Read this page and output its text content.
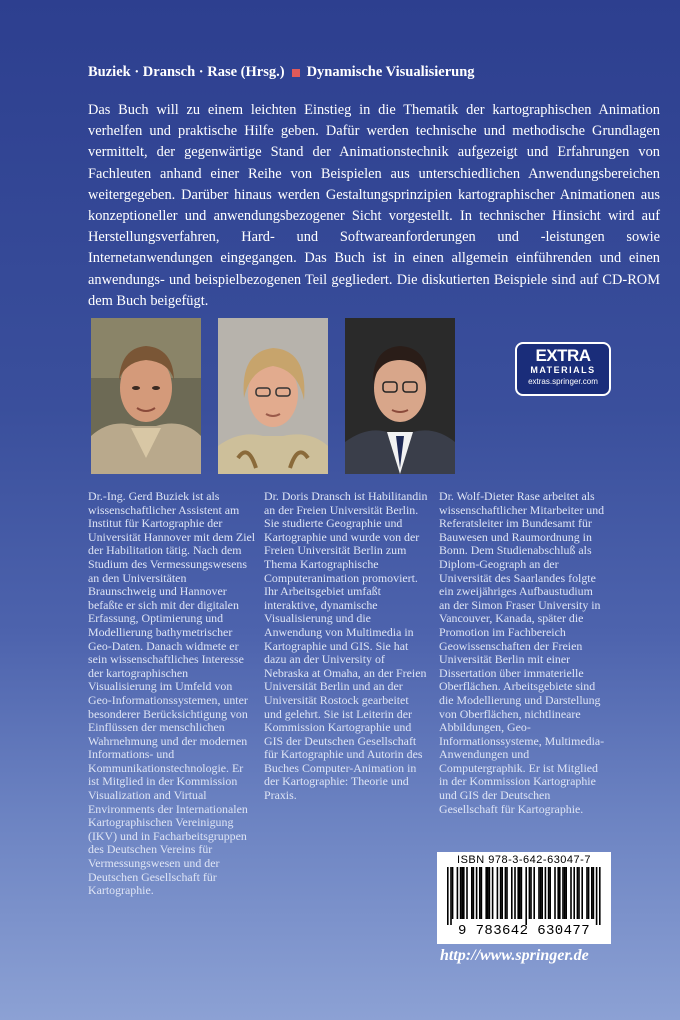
Buziek · Dransch · Rase (Hrsg.) Dynamische Visualisierung
Das Buch will zu einem leichten Einstieg in die Thematik der kartographischen Animation verhelfen und praktische Hilfe geben. Dafür werden technische und methodische Grundlagen vermittelt, der gegenwärtige Stand der Animationstechnik aufgezeigt und Erfahrungen von Fachleuten anhand einer Reihe von Beispielen aus unterschiedlichen Anwendungsbereichen weitergegeben. Darüber hinaus werden Gestaltungsprinzipien kartographischer Animationen aus konzeptioneller und anwendungsbezogener Sicht vorgestellt. In technischer Hinsicht wird auf Herstellungsverfahren, Hard- und Softwareanforderungen und -leistungen sowie Internetanwendungen eingegangen. Das Buch ist in einen allgemein einführenden und einen anwendungs- und beispielbezogenen Teil gegliedert. Die diskutierten Beispiele sind auf CD-ROM dem Buch beigefügt.
EXTRA
MATERIALS
extras.springer.com
Dr.-Ing. Gerd Buziek ist als wissenschaftlicher Assistent am Institut für Kartographie der Universität Hannover mit dem Ziel der Habilitation tätig. Nach dem Studium des Vermessungswesens an den Universitäten Braunschweig und Hannover befaßte er sich mit der digitalen Erfassung, Optimierung und Modellierung bathymetrischer Geo-Daten. Danach widmete er sein wissenschaftliches Interesse der kartographischen Visualisierung im Umfeld von Geo-Informationssystemen, unter besonderer Berücksichtigung von Einflüssen der menschlichen Wahrnehmung und der modernen Informations- und Kommunikationstechnologie. Er ist Mitglied in der Kommission Visualization and Virtual Environments der Internationalen Kartographischen Vereinigung (IKV) und in Facharbeitsgruppen des Deutschen Vereins für Vermessungswesen und der Deutschen Gesellschaft für Kartographie.
Dr. Doris Dransch ist Habilitandin an der Freien Universität Berlin. Sie studierte Geographie und Kartographie und wurde von der Freien Universität Berlin zum Thema Kartographische Computeranimation promoviert. Ihr Arbeitsgebiet umfaßt interaktive, dynamische Visualisierung und die Anwendung von Multimedia in Kartographie und GIS. Sie hat dazu an der University of Nebraska at Omaha, an der Freien Universität Berlin und an der Universität Rostock gearbeitet und gelehrt. Sie ist Leiterin der Kommission Kartographie und GIS der Deutschen Gesellschaft für Kartographie und Autorin des Buches Computer-Animation in der Kartographie: Theorie und Praxis.
Dr. Wolf-Dieter Rase arbeitet als wissenschaftlicher Mitarbeiter und Referatsleiter im Bundesamt für Bauwesen und Raumordnung in Bonn. Dem Studienabschluß als Diplom-Geograph an der Universität des Saarlandes folgte ein zweijähriges Aufbaustudium an der Simon Fraser University in Vancouver, Kanada, später die Promotion im Fachbereich Geowissenschaften der Freien Universität Berlin mit einer Dissertation über immaterielle Oberflächen. Arbeitsgebiete sind die Modellierung und Darstellung von Oberflächen, nichtlineare Abbildungen, Geo-Informationssysteme, Multimedia-Anwendungen und Computergraphik. Er ist Mitglied in der Kommission Kartographie und GIS der Deutschen Gesellschaft für Kartographie.
ISBN 978-3-642-63047-7
9 783642 630477
http://www.springer.de
